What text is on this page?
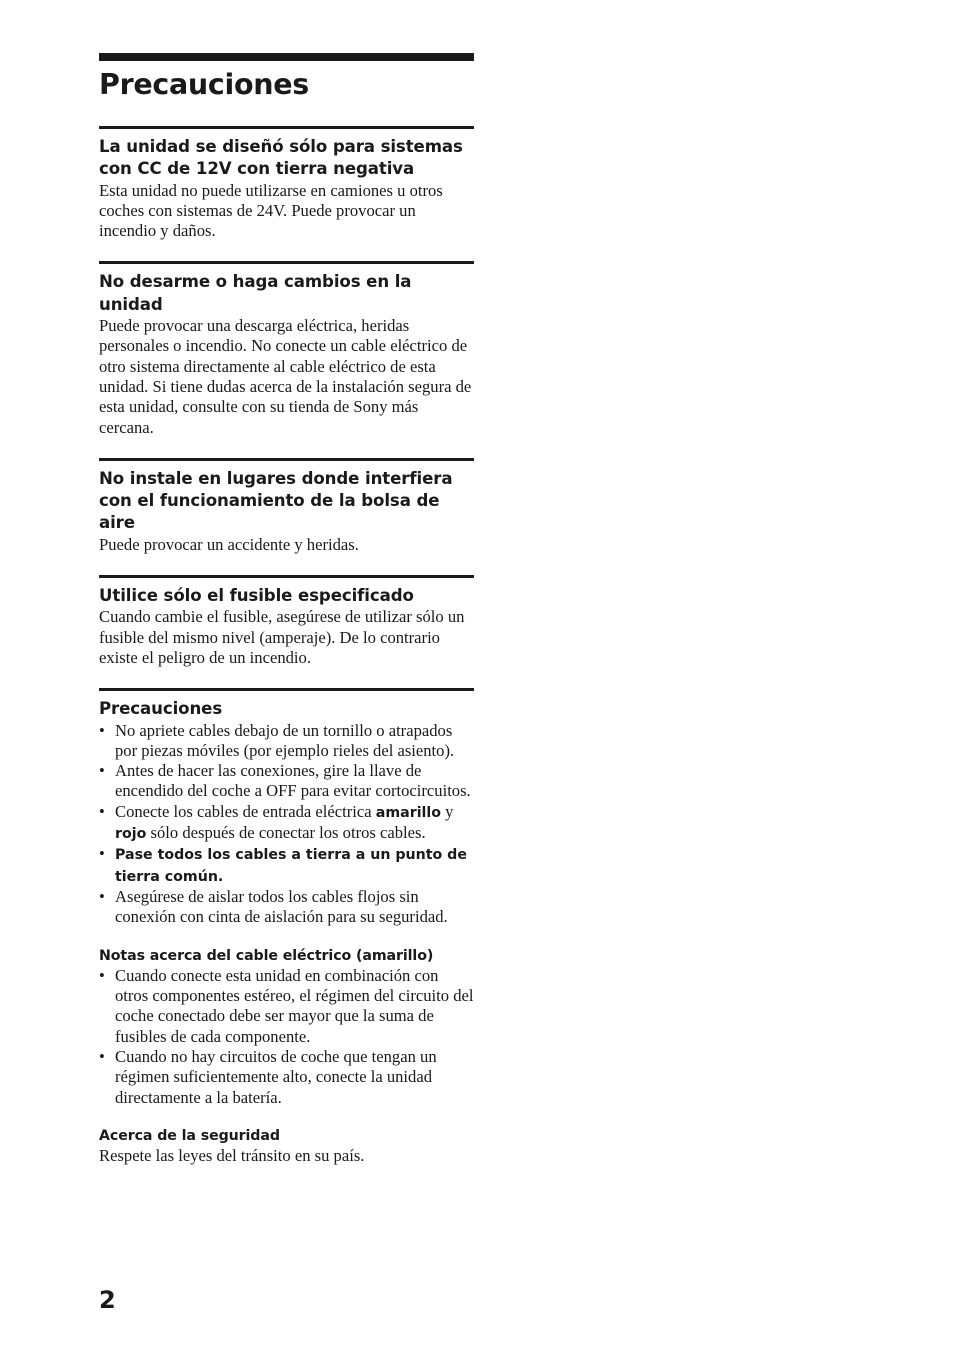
Precauciones

La unidad se diseñó sólo para sistemas con CC de 12V con tierra negativa

Esta unidad no puede utilizarse en camiones u otros coches con sistemas de 24V. Puede provocar un incendio y daños.

No desarme o haga cambios en la unidad

Puede provocar una descarga eléctrica, heridas personales o incendio. No conecte un cable eléctrico de otro sistema directamente al cable eléctrico de esta unidad. Si tiene dudas acerca de la instalación segura de esta unidad, consulte con su tienda de Sony más cercana.

No instale en lugares donde interfiera con el funcionamiento de la bolsa de aire

Puede provocar un accidente y heridas.

Utilice sólo el fusible especificado

Cuando cambie el fusible, asegúrese de utilizar sólo un fusible del mismo nivel (amperaje). De lo contrario existe el peligro de un incendio.

Precauciones

• No apriete cables debajo de un tornillo o atrapados por piezas móviles (por ejemplo rieles del asiento).
• Antes de hacer las conexiones, gire la llave de encendido del coche a OFF para evitar cortocircuitos.
• Conecte los cables de entrada eléctrica amarillo y rojo sólo después de conectar los otros cables.
• Pase todos los cables a tierra a un punto de tierra común.
• Asegúrese de aislar todos los cables flojos sin conexión con cinta de aislación para su seguridad.

Notas acerca del cable eléctrico (amarillo)

• Cuando conecte esta unidad en combinación con otros componentes estéreo, el régimen del circuito del coche conectado debe ser mayor que la suma de fusibles de cada componente.
• Cuando no hay circuitos de coche que tengan un régimen suficientemente alto, conecte la unidad directamente a la batería.

Acerca de la seguridad

Respete las leyes del tránsito en su país.

2
